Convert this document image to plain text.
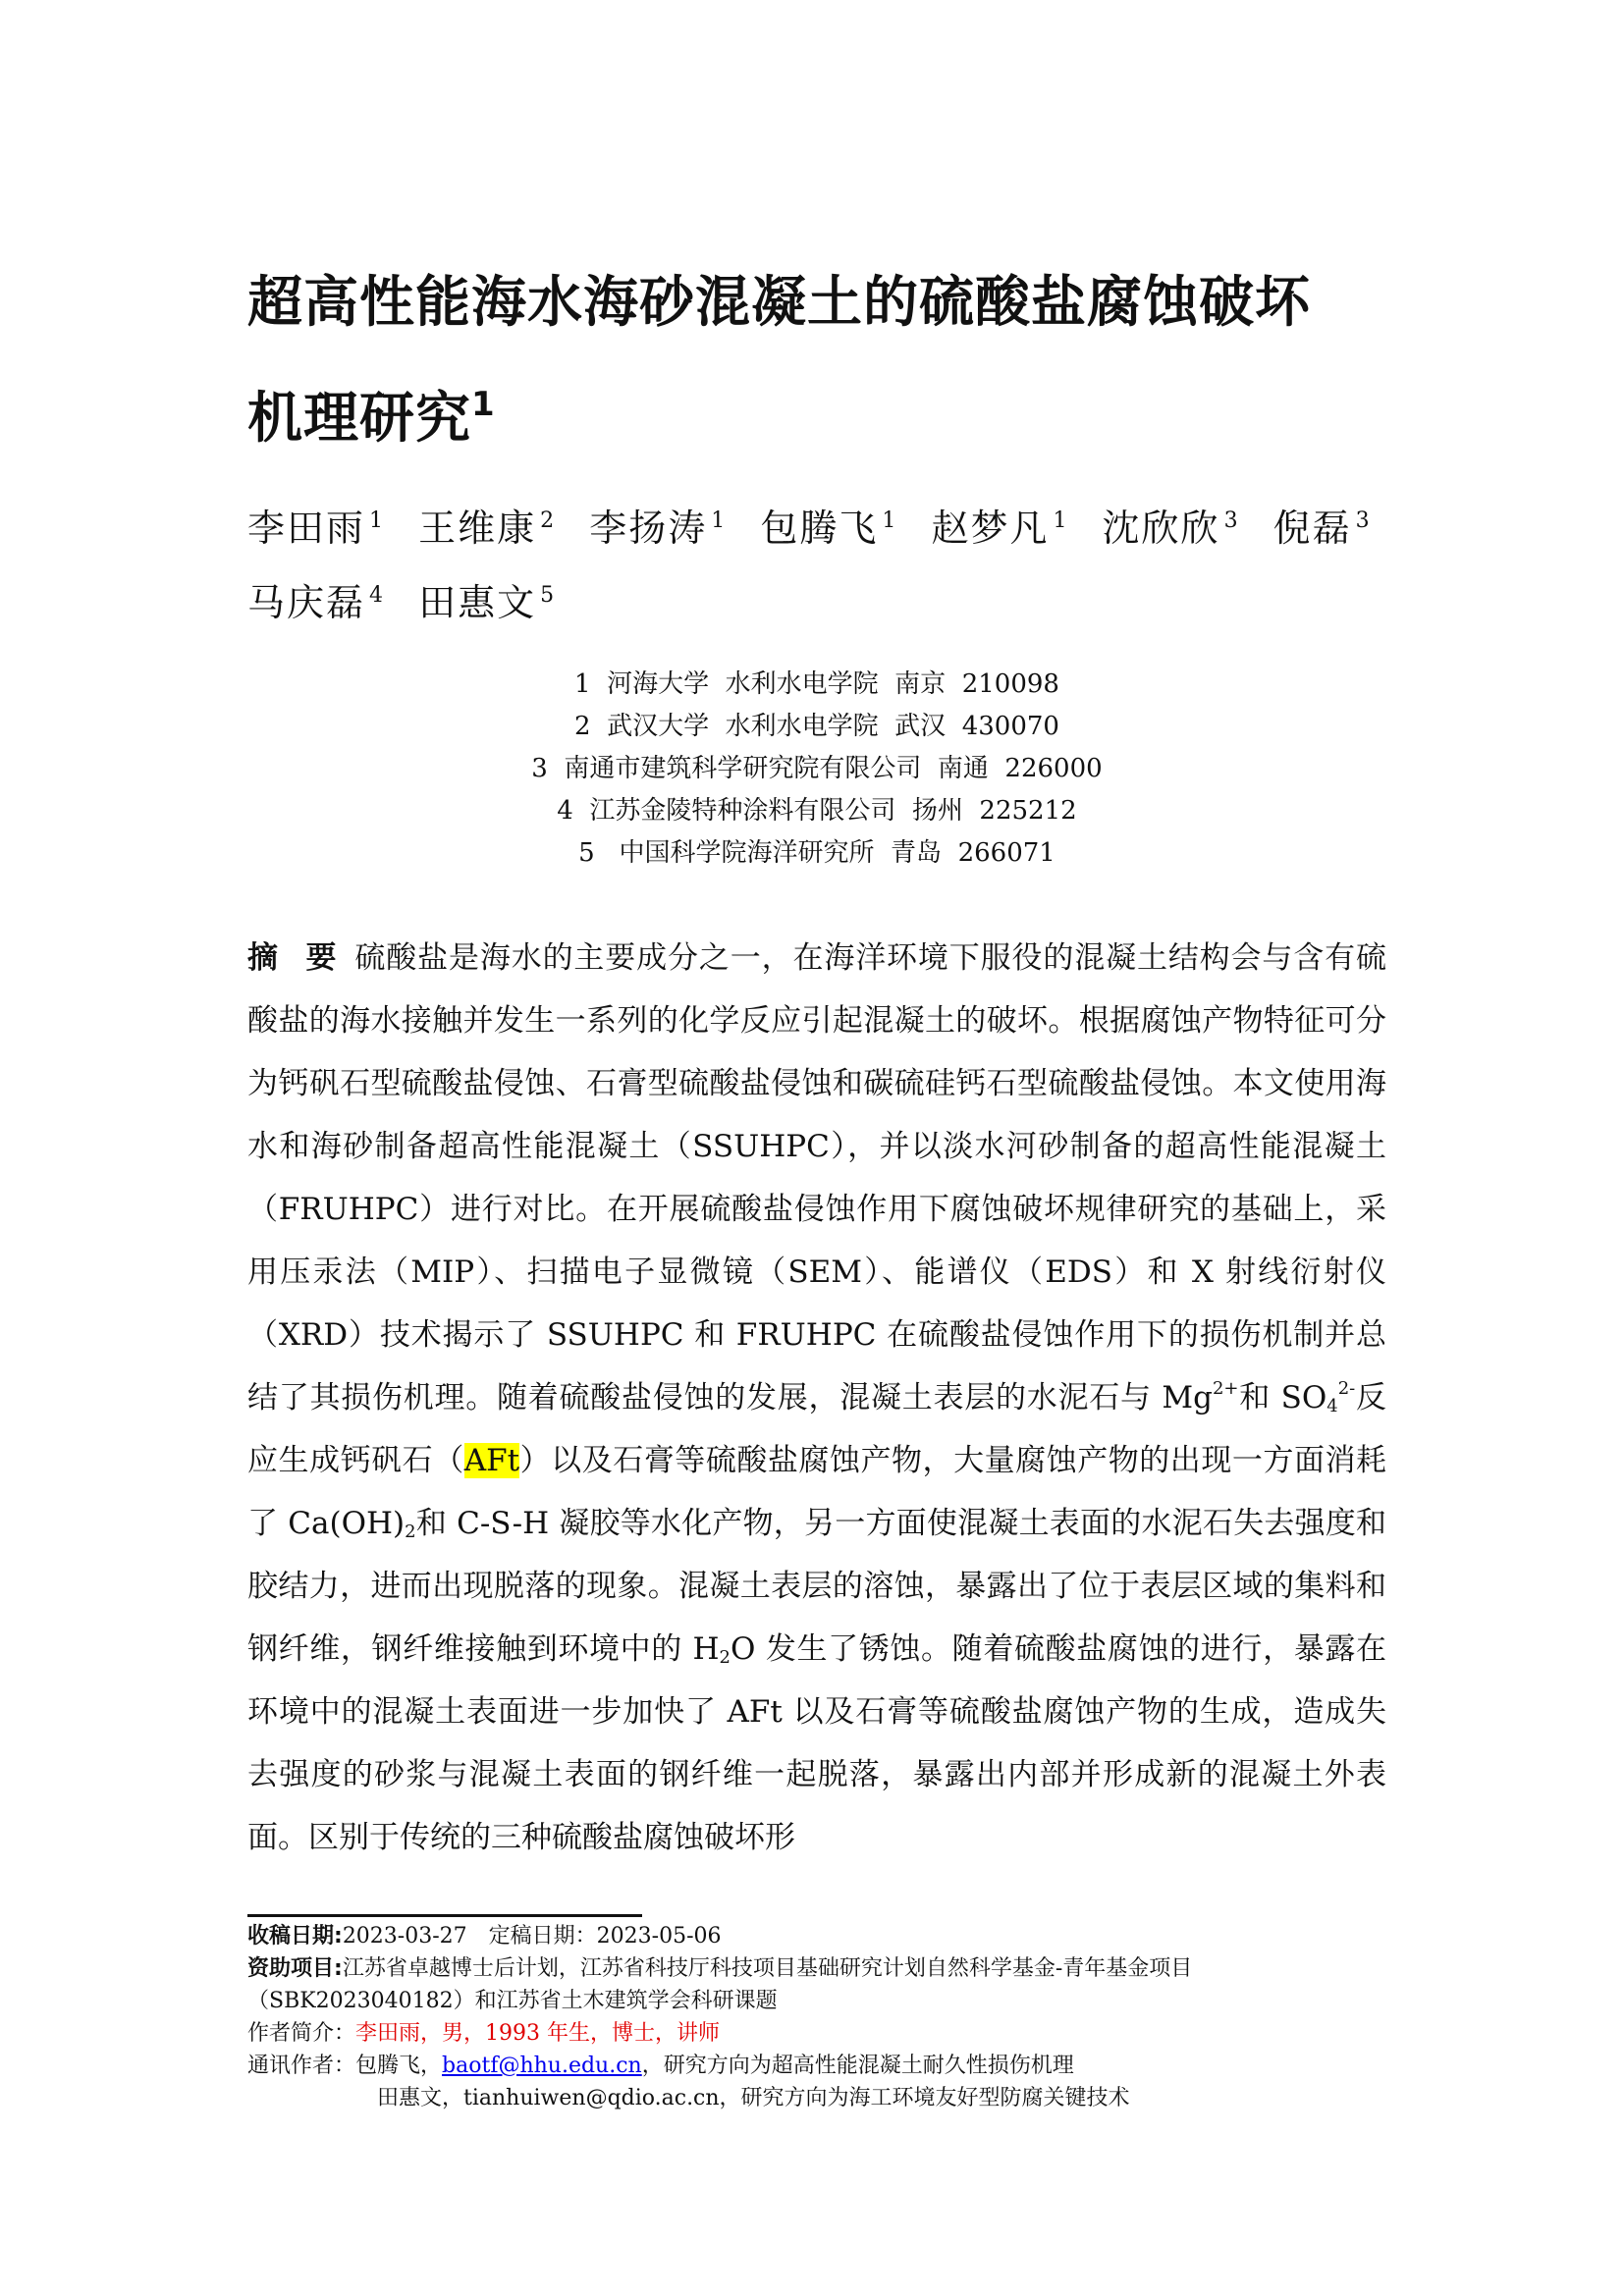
超高性能海水海砂混凝土的硫酸盐腐蚀破坏
机理研究$^1$
李田雨 $^1$ 王维康 $^2$ 李扬涛 $^1$ 包腾飞 $^1$ 赵梦凡 $^1$ 沈欣欣 $^3$ 倪磊 $^3$ 马庆磊 $^4$ 田惠文 $^5$
1  河海大学  水利水电学院  南京  210098
2  武汉大学  水利水电学院  武汉  430070
3  南通市建筑科学研究院有限公司  南通  226000
4  江苏金陵特种涂料有限公司  扬州  225212
5   中国科学院海洋研究所  青岛  266071
摘 要 硫酸盐是海水的主要成分之一，在海洋环境下服役的混凝土结构会与含有硫酸盐的海水接触并发生一系列的化学反应引起混凝土的破坏。根据腐蚀产物特征可分为钙矾石型硫酸盐侵蚀、石膏型硫酸盐侵蚀和碳硫硅钙石型硫酸盐侵蚀。本文使用海水和海砂制备超高性能混凝土（SSUHPC），并以淡水河砂制备的超高性能混凝土（FRUHPC）进行对比。在开展硫酸盐侵蚀作用下腐蚀破坏规律研究的基础上，采用压汞法（MIP）、扫描电子显微镜（SEM）、能谱仪（EDS）和 X 射线衍射仪（XRD）技术揭示了 SSUHPC 和 FRUHPC 在硫酸盐侵蚀作用下的损伤机制并总结了其损伤机理。随着硫酸盐侵蚀的发展，混凝土表层的水泥石与 $Mg^{2+}$和 $SO_4^{2-}$反应生成钙矾石（AFt）以及石膏等硫酸盐腐蚀产物，大量腐蚀产物的出现一方面消耗了 $Ca(OH)_2$和 C-S-H 凝胶等水化产物，另一方面使混凝土表面的水泥石失去强度和胶结力，进而出现脱落的现象。混凝土表层的溶蚀，暴露出了位于表层区域的集料和钢纤维，钢纤维接触到环境中的 $H_2O$ 发生了锈蚀。随着硫酸盐腐蚀的进行，暴露在环境中的混凝土表面进一步加快了 AFt 以及石膏等硫酸盐腐蚀产物的生成，造成失去强度的砂浆与混凝土表面的钢纤维一起脱落，暴露出内部并形成新的混凝土外表面。区别于传统的三种硫酸盐腐蚀破坏形
收稿日期:2023-03-27  定稿日期：2023-05-06
资助项目:江苏省卓越博士后计划，江苏省科技厅科技项目基础研究计划自然科学基金-青年基金项目
（SBK2023040182）和江苏省土木建筑学会科研课题
作者简介：李田雨，男，1993 年生，博士，讲师
通讯作者：包腾飞，baotf@hhu.edu.cn，研究方向为超高性能混凝土耐久性损伤机理
田惠文，tianhuiwen@qdio.ac.cn，研究方向为海工环境友好型防腐关键技术
